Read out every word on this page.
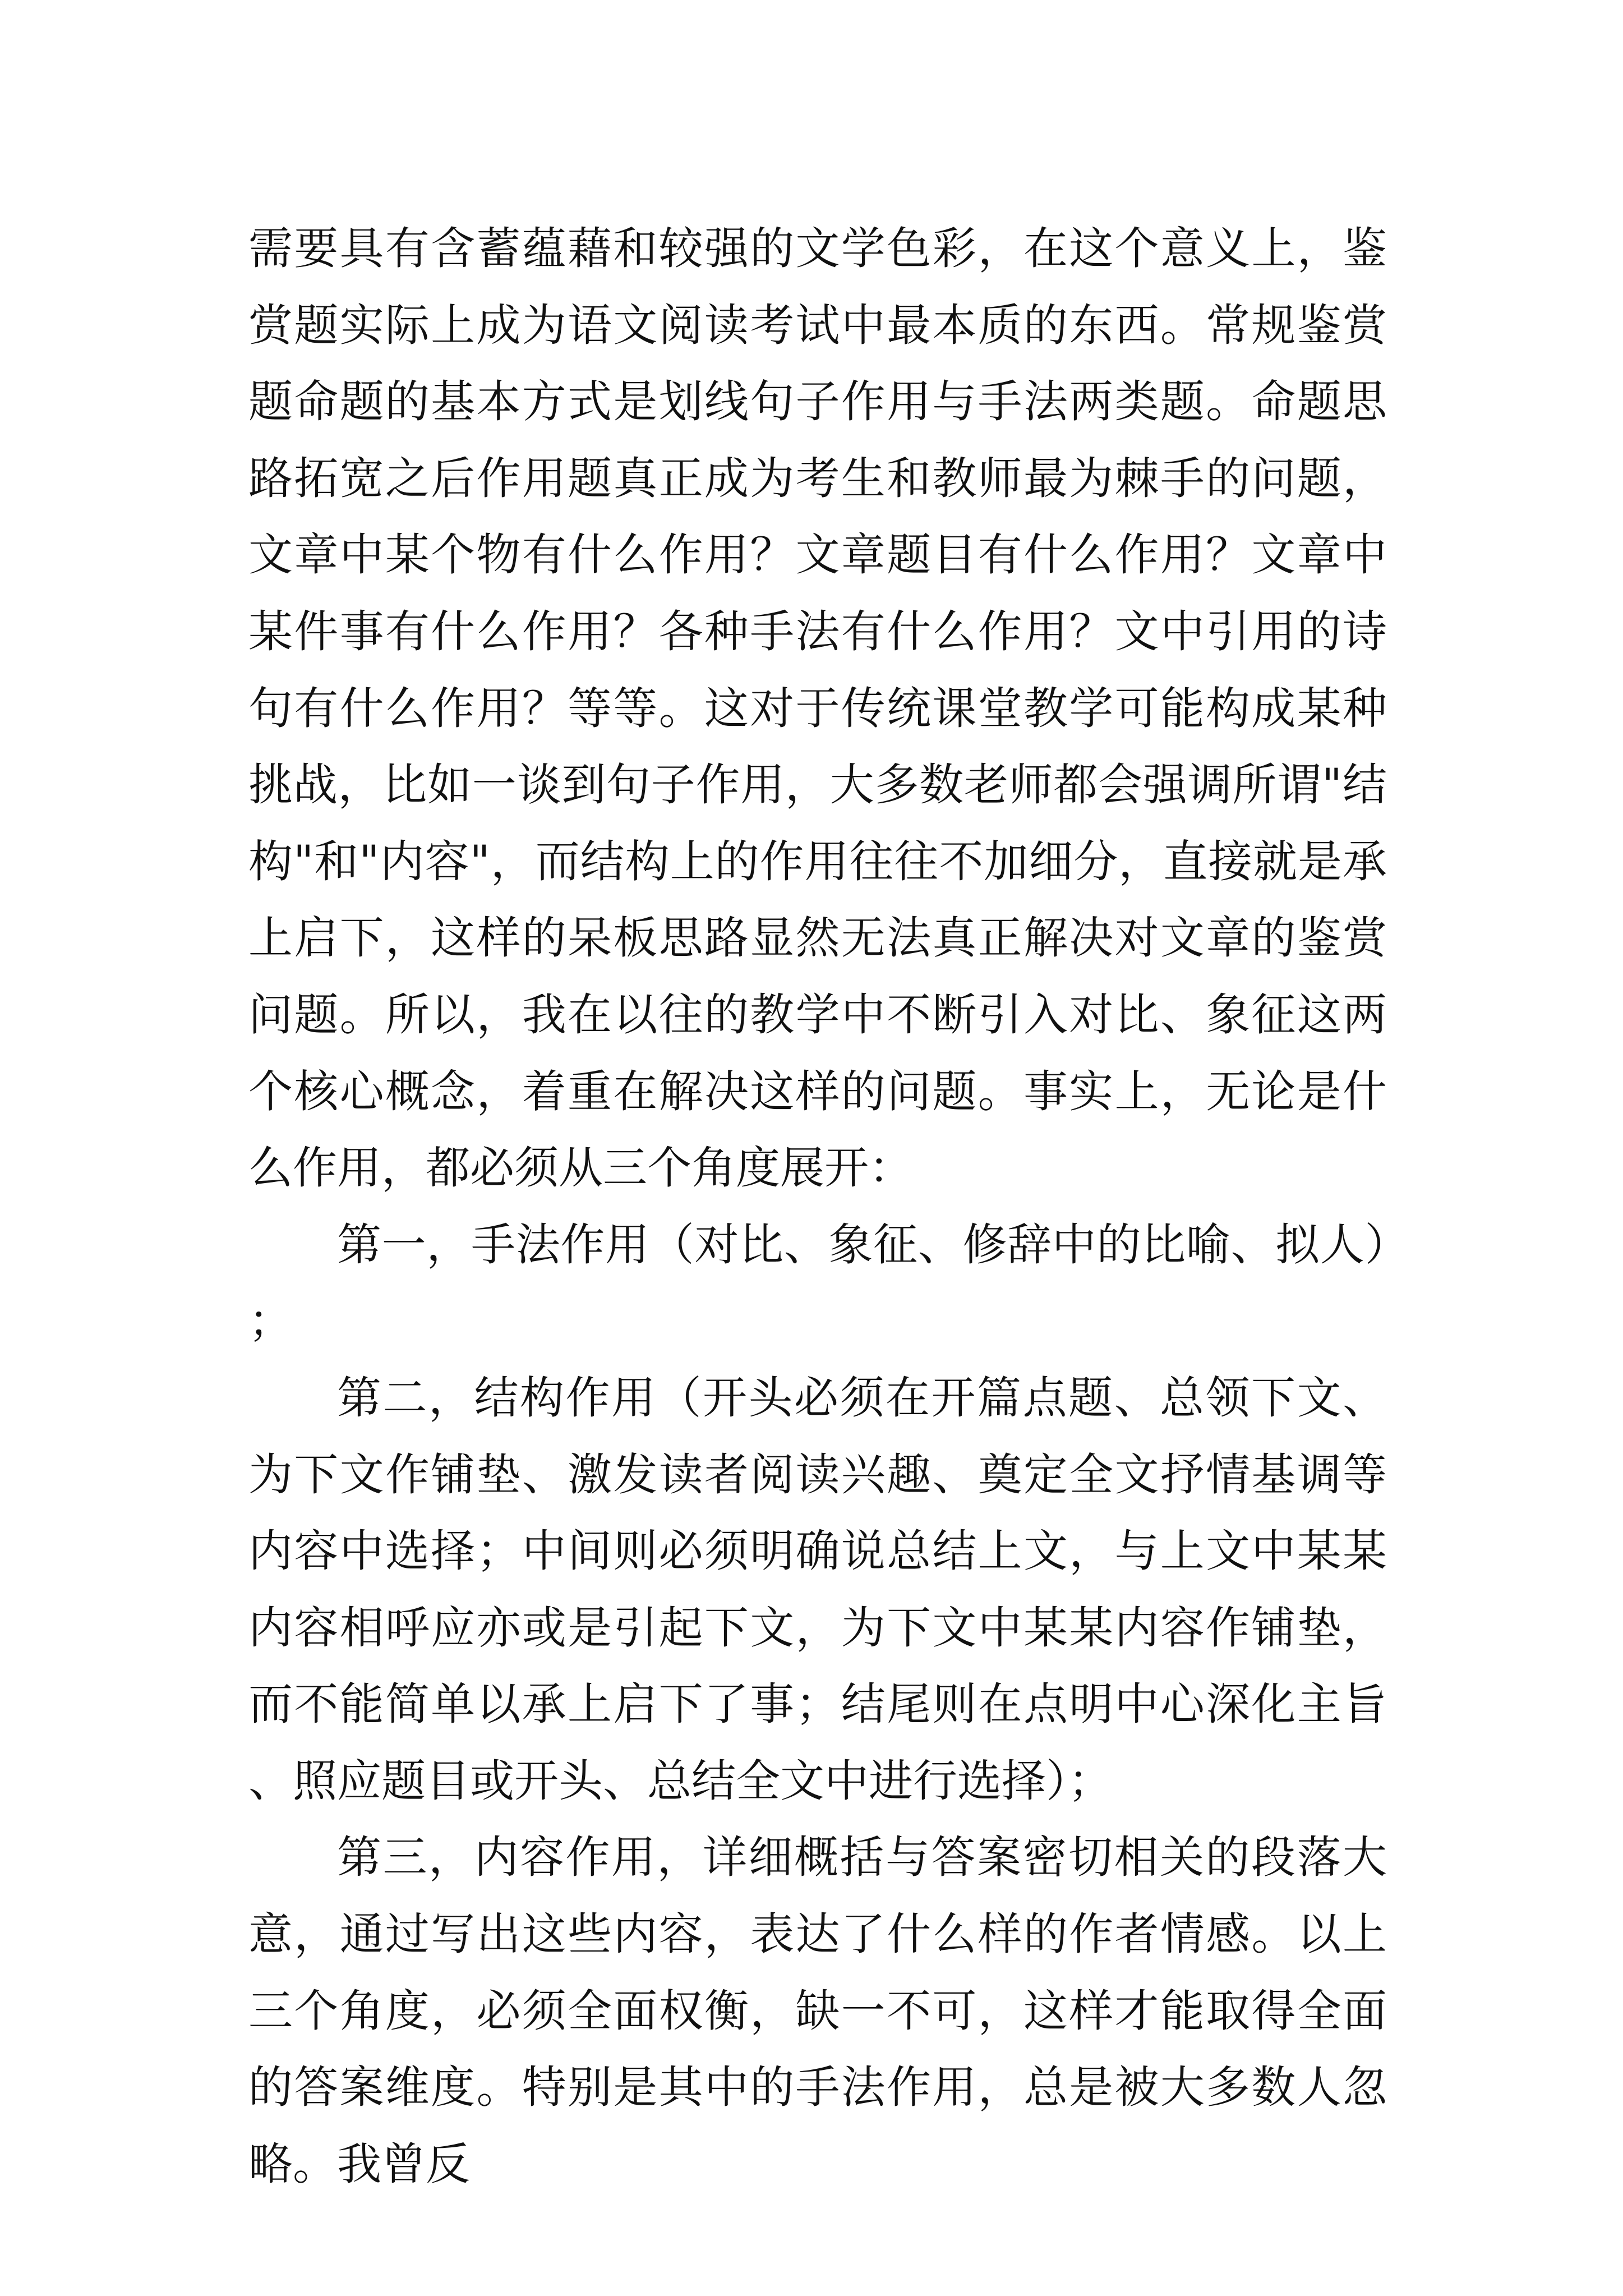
需要具有含蓄蕴藉和较强的文学色彩，在这个意义上，鉴赏题实际上成为语文阅读考试中最本质的东西。常规鉴赏题命题的基本方式是划线句子作用与手法两类题。命题思路拓宽之后作用题真正成为考生和教师最为棘手的问题，文章中某个物有什么作用？文章题目有什么作用？文章中某件事有什么作用？各种手法有什么作用？文中引用的诗句有什么作用？等等。这对于传统课堂教学可能构成某种挑战，比如一谈到句子作用，大多数老师都会强调所谓"结构"和"内容"，而结构上的作用往往不加细分，直接就是承上启下，这样的呆板思路显然无法真正解决对文章的鉴赏问题。所以，我在以往的教学中不断引入对比、象征这两个核心概念，着重在解决这样的问题。事实上，无论是什么作用，都必须从三个角度展开：

第一，手法作用（对比、象征、修辞中的比喻、拟人）；

第二，结构作用（开头必须在开篇点题、总领下文、为下文作铺垫、激发读者阅读兴趣、奠定全文抒情基调等内容中选择；中间则必须明确说总结上文，与上文中某某内容相呼应亦或是引起下文，为下文中某某内容作铺垫，而不能简单以承上启下了事；结尾则在点明中心深化主旨、照应题目或开头、总结全文中进行选择）；

第三，内容作用，详细概括与答案密切相关的段落大意，通过写出这些内容，表达了什么样的作者情感。以上三个角度，必须全面权衡，缺一不可，这样才能取得全面的答案维度。特别是其中的手法作用，总是被大多数人忽略。我曾反
